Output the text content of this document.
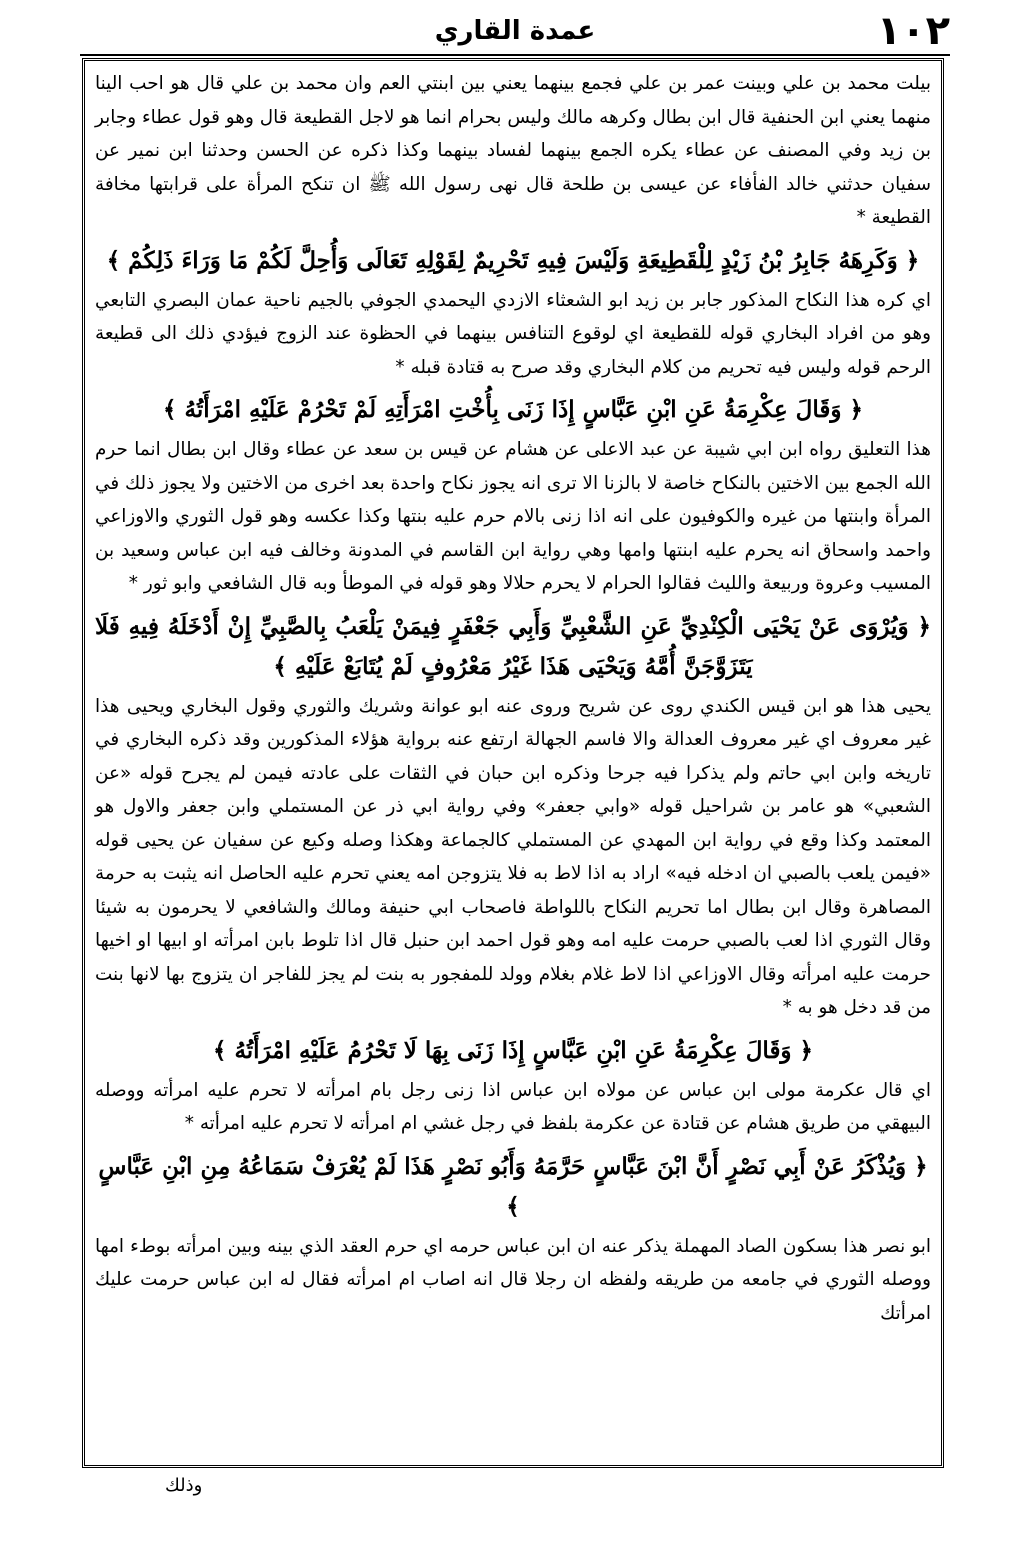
١٠٢
عمدة القاري

بيلت محمد بن علي وبينت عمر بن علي فجمع بينهما يعني بين ابنتي العم وان محمد بن علي قال هو احب الينا منهما يعني ابن الحنفية قال ابن بطال وكرهه مالك وليس بحرام انما هو لاجل القطيعة قال وهو قول عطاء وجابر بن زيد وفي المصنف عن عطاء يكره الجمع بينهما لفساد بينهما وكذا ذكره عن الحسن وحدثنا ابن نمير عن سفيان حدثني خالد الفأفاء عن عيسى بن طلحة قال نهى رسول الله ﷺ ان تنكح المرأة على قرابتها مخافة القطيعة *

﴿ وَكَرِهَهُ جَابِرُ بْنُ زَيْدٍ لِلْقَطِيعَةِ وَلَيْسَ فِيهِ تَحْرِيمٌ لِقَوْلِهِ تَعَالَى وَأُحِلَّ لَكُمْ مَا وَرَاءَ ذَلِكُمْ ﴾

اي كره هذا النكاح المذكور جابر بن زيد ابو الشعثاء الازدي اليحمدي الجوفي بالجيم ناحية عمان البصري التابعي وهو من افراد البخاري قوله للقطيعة اي لوقوع التنافس بينهما في الحظوة عند الزوج فيؤدي ذلك الى قطيعة الرحم قوله وليس فيه تحريم من كلام البخاري وقد صرح به قتادة قبله *

﴿ وَقَالَ عِكْرِمَةُ عَنِ ابْنِ عَبَّاسٍ إِذَا زَنَى بِأُخْتِ امْرَأَتِهِ لَمْ تَحْرُمْ عَلَيْهِ امْرَأَتُهُ ﴾

هذا التعليق رواه ابن ابي شيبة عن عبد الاعلى عن هشام عن قيس بن سعد عن عطاء وقال ابن بطال انما حرم الله الجمع بين الاختين بالنكاح خاصة لا بالزنا الا ترى انه يجوز نكاح واحدة بعد اخرى من الاختين ولا يجوز ذلك في المرأة وابنتها من غيره والكوفيون على انه اذا زنى بالام حرم عليه بنتها وكذا عكسه وهو قول الثوري والاوزاعي واحمد واسحاق انه يحرم عليه ابنتها وامها وهي رواية ابن القاسم في المدونة وخالف فيه ابن عباس وسعيد بن المسيب وعروة وربيعة والليث فقالوا الحرام لا يحرم حلالا وهو قوله في الموطأ وبه قال الشافعي وابو ثور *

﴿ وَيُرْوَى عَنْ يَحْيَى الْكِنْدِيِّ عَنِ الشَّعْبِيِّ وَأَبِي جَعْفَرٍ فِيمَنْ يَلْعَبُ بِالصَّبِيِّ إِنْ أَدْخَلَهُ فِيهِ فَلَا يَتَزَوَّجَنَّ أُمَّهُ وَيَحْيَى هَذَا غَيْرُ مَعْرُوفٍ لَمْ يُتَابَعْ عَلَيْهِ ﴾

يحيى هذا هو ابن قيس الكندي روى عن شريح وروى عنه ابو عوانة وشريك والثوري وقول البخاري ويحيى هذا غير معروف اي غير معروف العدالة والا فاسم الجهالة ارتفع عنه برواية هؤلاء المذكورين وقد ذكره البخاري في تاريخه وابن ابي حاتم ولم يذكرا فيه جرحا وذكره ابن حبان في الثقات على عادته فيمن لم يجرح قوله «عن الشعبي» هو عامر بن شراحيل قوله «وابي جعفر» وفي رواية ابي ذر عن المستملي وابن جعفر والاول هو المعتمد وكذا وقع في رواية ابن المهدي عن المستملي كالجماعة وهكذا وصله وكيع عن سفيان عن يحيى قوله «فيمن يلعب بالصبي ان ادخله فيه» اراد به اذا لاط به فلا يتزوجن امه يعني تحرم عليه الحاصل انه يثبت به حرمة المصاهرة وقال ابن بطال اما تحريم النكاح باللواطة فاصحاب ابي حنيفة ومالك والشافعي لا يحرمون به شيئا وقال الثوري اذا لعب بالصبي حرمت عليه امه وهو قول احمد ابن حنبل قال اذا تلوط بابن امرأته او ابيها او اخيها حرمت عليه امرأته وقال الاوزاعي اذا لاط غلام بغلام وولد للمفجور به بنت لم يجز للفاجر ان يتزوج بها لانها بنت من قد دخل هو به *

﴿ وَقَالَ عِكْرِمَةُ عَنِ ابْنِ عَبَّاسٍ إِذَا زَنَى بِهَا لَا تَحْرُمُ عَلَيْهِ امْرَأَتُهُ ﴾

اي قال عكرمة مولى ابن عباس عن مولاه ابن عباس اذا زنى رجل بام امرأته لا تحرم عليه امرأته ووصله البيهقي من طريق هشام عن قتادة عن عكرمة بلفظ في رجل غشي ام امرأته لا تحرم عليه امرأته *

﴿ وَيُذْكَرُ عَنْ أَبِي نَصْرٍ أَنَّ ابْنَ عَبَّاسٍ حَرَّمَهُ وَأَبُو نَصْرٍ هَذَا لَمْ يُعْرَفْ سَمَاعُهُ مِنِ ابْنِ عَبَّاسٍ ﴾

ابو نصر هذا بسكون الصاد المهملة يذكر عنه ان ابن عباس حرمه اي حرم العقد الذي بينه وبين امرأته بوطء امها ووصله الثوري في جامعه من طريقه ولفظه ان رجلا قال انه اصاب ام امرأته فقال له ابن عباس حرمت عليك امرأتك

وذلك
